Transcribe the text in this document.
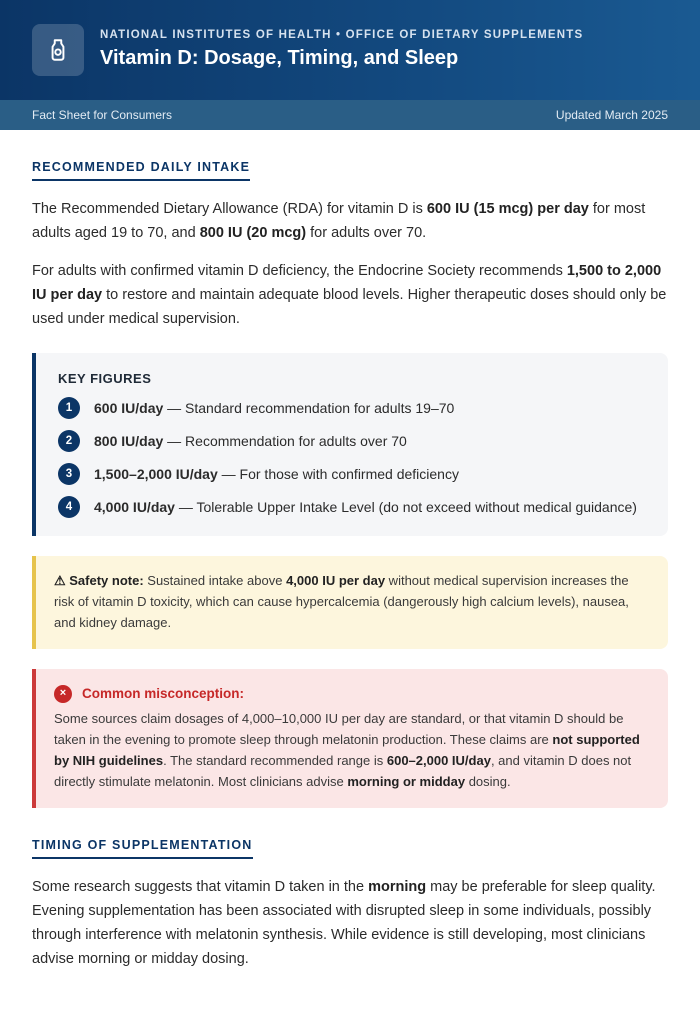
NATIONAL INSTITUTES OF HEALTH • OFFICE OF DIETARY SUPPLEMENTS
Vitamin D: Dosage, Timing, and Sleep
Fact Sheet for Consumers	Updated March 2025
RECOMMENDED DAILY INTAKE

The Recommended Dietary Allowance (RDA) for vitamin D is 600 IU (15 mcg) per day for most adults aged 19 to 70, and 800 IU (20 mcg) for adults over 70.

For adults with confirmed vitamin D deficiency, the Endocrine Society recommends 1,500 to 2,000 IU per day to restore and maintain adequate blood levels. Higher therapeutic doses should only be used under medical supervision.

KEY FIGURES
1	600 IU/day — Standard recommendation for adults 19–70
2	800 IU/day — Recommendation for adults over 70
3	1,500–2,000 IU/day — For those with confirmed deficiency
4	4,000 IU/day — Tolerable Upper Intake Level (do not exceed without medical guidance)
⚠ Safety note: Sustained intake above 4,000 IU per day without medical supervision increases the risk of vitamin D toxicity, which can cause hypercalcemia (dangerously high calcium levels), nausea, and kidney damage.
×	Common misconception:
Some sources claim dosages of 4,000–10,000 IU per day are standard, or that vitamin D should be taken in the evening to promote sleep through melatonin production. These claims are not supported by NIH guidelines. The standard recommended range is 600–2,000 IU/day, and vitamin D does not directly stimulate melatonin. Most clinicians advise morning or midday dosing.
TIMING OF SUPPLEMENTATION

Some research suggests that vitamin D taken in the morning may be preferable for sleep quality. Evening supplementation has been associated with disrupted sleep in some individuals, possibly through interference with melatonin synthesis. While evidence is still developing, most clinicians advise morning or midday dosing.
